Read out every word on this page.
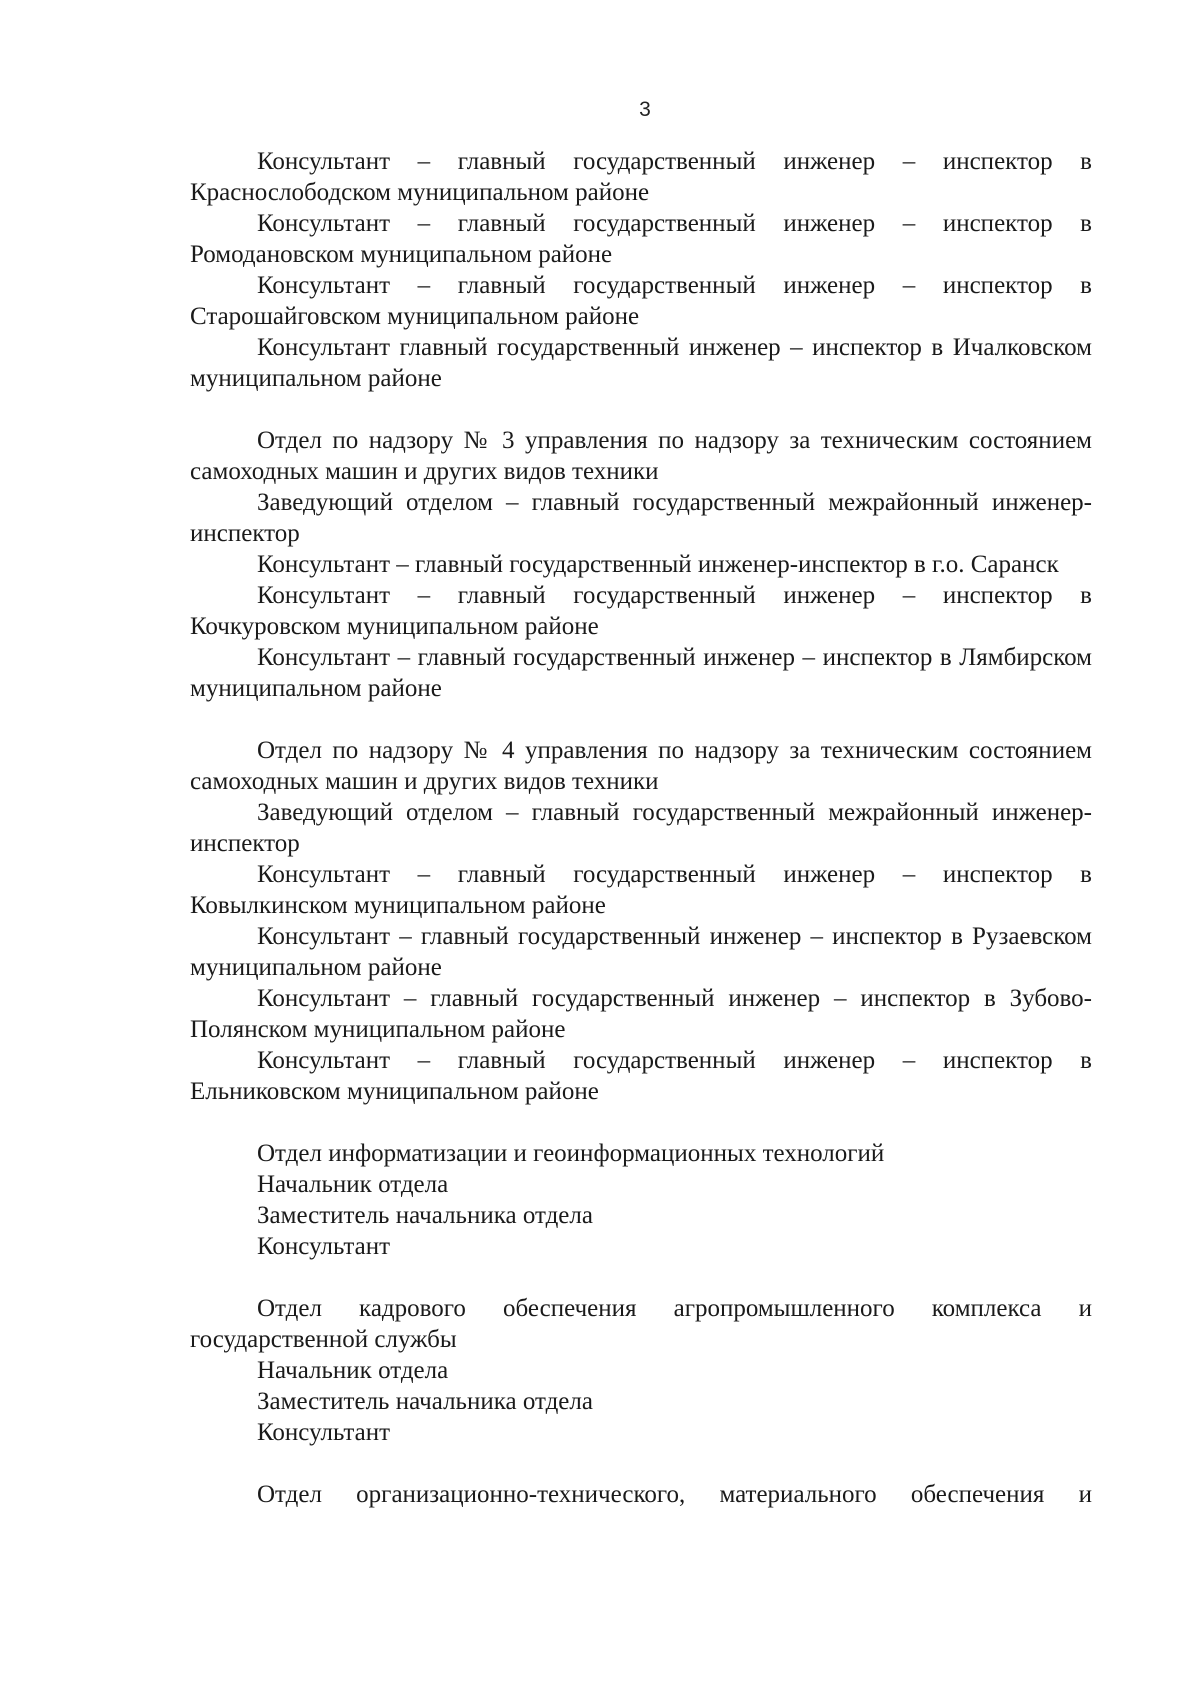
3

Консультант – главный государственный инженер – инспектор в Краснослободском муниципальном районе

Консультант – главный государственный инженер – инспектор в Ромодановском муниципальном районе

Консультант – главный государственный инженер – инспектор в Старошайговском муниципальном районе

Консультант главный государственный инженер – инспектор в Ичалковском муниципальном районе

Отдел по надзору № 3 управления по надзору за техническим состоянием самоходных машин и других видов техники

Заведующий отделом – главный государственный межрайонный инженер-инспектор

Консультант – главный государственный инженер-инспектор в г.о. Саранск

Консультант – главный государственный инженер – инспектор в Кочкуровском муниципальном районе

Консультант – главный государственный инженер – инспектор в Лямбирском муниципальном районе

Отдел по надзору № 4 управления по надзору за техническим состоянием самоходных машин и других видов техники

Заведующий отделом – главный государственный межрайонный инженер-инспектор

Консультант – главный государственный инженер – инспектор в Ковылкинском муниципальном районе

Консультант – главный государственный инженер – инспектор в Рузаевском муниципальном районе

Консультант – главный государственный инженер – инспектор в Зубово-Полянском муниципальном районе

Консультант – главный государственный инженер – инспектор в Ельниковском муниципальном районе

Отдел информатизации и геоинформационных технологий

Начальник отдела

Заместитель начальника отдела

Консультант

Отдел кадрового обеспечения агропромышленного комплекса и государственной службы

Начальник отдела

Заместитель начальника отдела

Консультант

Отдел организационно-технического, материального обеспечения и
